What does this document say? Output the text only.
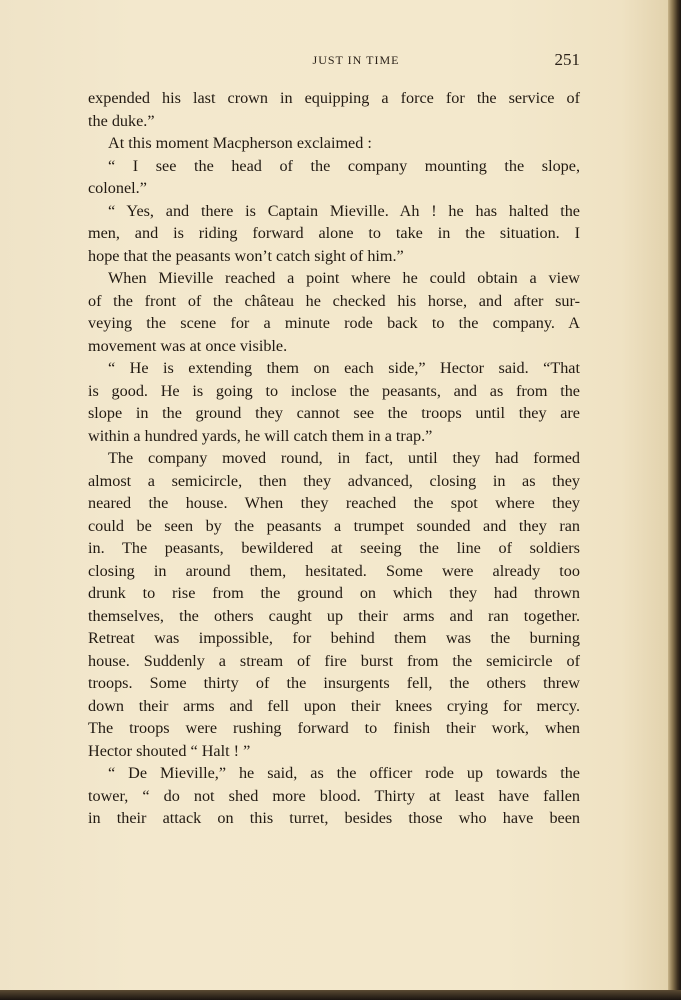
JUST IN TIME	251

expended his last crown in equipping a force for the service of

the duke.”

At this moment Macpherson exclaimed :

“ I see the head of the company mounting the slope,

colonel.”

“ Yes, and there is Captain Mieville. Ah ! he has halted the

men, and is riding forward alone to take in the situation. I

hope that the peasants won’t catch sight of him.”

When Mieville reached a point where he could obtain a view

of the front of the château he checked his horse, and after sur-

veying the scene for a minute rode back to the company. A

movement was at once visible.

“ He is extending them on each side,” Hector said. “That

is good. He is going to inclose the peasants, and as from the

slope in the ground they cannot see the troops until they are

within a hundred yards, he will catch them in a trap.”

The company moved round, in fact, until they had formed

almost a semicircle, then they advanced, closing in as they

neared the house. When they reached the spot where they

could be seen by the peasants a trumpet sounded and they ran

in. The peasants, bewildered at seeing the line of soldiers

closing in around them, hesitated. Some were already too

drunk to rise from the ground on which they had thrown

themselves, the others caught up their arms and ran together.

Retreat was impossible, for behind them was the burning

house. Suddenly a stream of fire burst from the semicircle of

troops. Some thirty of the insurgents fell, the others threw

down their arms and fell upon their knees crying for mercy.

The troops were rushing forward to finish their work, when

Hector shouted “ Halt ! ”

“ De Mieville,” he said, as the officer rode up towards the

tower, “ do not shed more blood. Thirty at least have fallen

in their attack on this turret, besides those who have been
